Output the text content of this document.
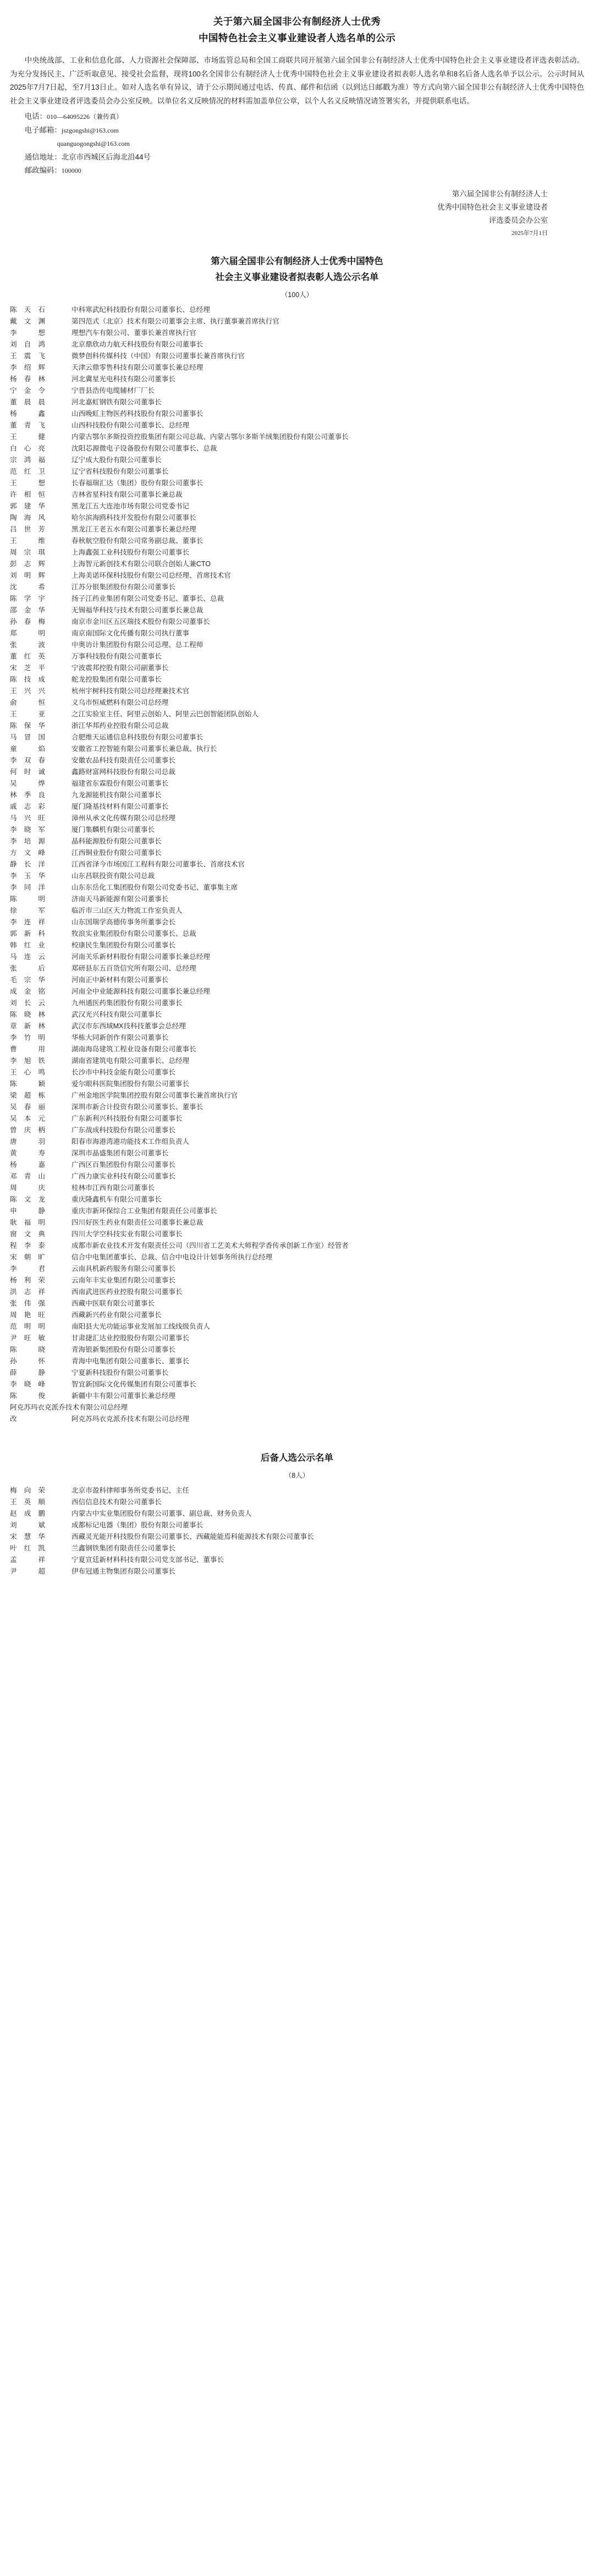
关于第六届全国非公有制经济人士优秀
中国特色社会主义事业建设者人选名单的公示

中央统战部、工业和信息化部、人力资源社会保障部、市场监管总局和全国工商联共同开展第六届全国非公有制经济人士优秀中国特色社会主义事业建设者评选表彰活动。为充分发扬民主、广泛听取意见、接受社会监督，现将100名全国非公有制经济人士优秀中国特色社会主义事业建设者拟表彰人选名单和8名后备人选名单予以公示。公示时间从2025年7月7日起，至7月13日止。如对人选名单有异议，请于公示期间通过电话、传真、邮件和信函（以到达日邮戳为准）等方式向第六届全国非公有制经济人士优秀中国特色社会主义事业建设者评选委员会办公室反映。以单位名义反映情况的材料需加盖单位公章，以个人名义反映情况请签署实名，并提供联系电话。

电话：010—64095226（兼传真）
电子邮箱：jszgongshi@163.com
quanguogongshi@163.com
通信地址：北京市西城区后海北沿44号
邮政编码：100000
第六届全国非公有制经济人士
优秀中国特色社会主义事业建设者
评选委员会办公室
2025年7月1日
第六届全国非公有制经济人士优秀中国特色
社会主义事业建设者拟表彰人选公示名单
（100人）
陈天石	中科寒武纪科技股份有限公司董事长、总经理
戴文渊	第四范式（北京）技术有限公司董事会主席、执行董事兼首席执行官
李想	理想汽车有限公司、董事长兼首席执行官
刘自鸿	北京鼎欣动力航天科技股份有限公司董事长
王震飞	微梦创科传媒科技（中国）有限公司董事长兼首席执行官
李绍辉	天津云鼎零售科技有限公司董事长兼总经理
杨春林	河北冀星光电科技有限公司董事长
宁金令	宁晋县浩传电缆辅材厂厂长
董晨晨	河北嘉虹钢铁有限公司董事长
杨鑫	山西晚虹主物医药科技股份有限公司董事长
董青飞	山西科技股份有限公司董事长、总经理
王健	内蒙古鄂尔多斯投资控股集团有限公司总裁、内蒙古鄂尔多斯羊绒集团股份有限公司董事长
白心亮	沈阳芯源微电子设备股份有限公司董事长、总裁
宗鸿福	辽宁成大股份有限公司董事长
范红卫	辽宁省科技股份有限公司董事长
王想	长春福瑞汇达（集团）股份有限公司董事长
许相恒	吉林省星科技有限公司董事长兼总裁
郭建华	黑龙江五大连池市场有限公司党委书记
陶海风	哈尔滨海鸥科技开发股份有限公司董事长
吕世芳	黑龙江王老五水有限公司董事长兼总经理
王维	春秋航空股份有限公司常务副总裁、董事长
周宗琪	上海鑫强工业科技股份有限公司董事长
彭志辉	上海智元新创技术有限公司联合创始人兼CTO
刘明辉	上海美诺环保科技股份有限公司总经理、首席技术官
沈希	江苏分银集团股份有限公司董事长
陈学宇	扬子江药业集团有限公司党委书记、董事长、总裁
邵金华	无锡福华科技与技术有限公司董事长兼总裁
孙春梅	南京市金川区五区瑞技术股份有限公司董事长
郑明	南京南国际文化传播有限公司执行董事
张波	中奥访计集团股份有限公司总理、总工程师
董红英	万事科技股份有限公司董事长
宋芝平	宁波震邦控股有限公司副董事长
陈技成	舵龙控股集团有限公司董事长
王兴兴	杭州宇树科技有限公司总经理兼技术官
俞恒	义乌市恒威燃料有限公司总经理
王亚	之江实验室主任、阿里云创始人、阿里云巴创智能团队创始人
陈保华	浙江华邦药业控股有限公司总裁
马冒国	合肥维天运通信息科技股份有限公司董事长
童焰	安徽省工控智能有限公司董事长兼总裁、执行长
李双春	安徽农品科技有限责任公司董事长
何时诚	鑫路财富网科技股份有限公司总裁
吴烨	福建省东霖股份有限公司董事长
林季良	九龙源能机技有限公司董事长
戚志彩	厦门隆基技材料有限公司董事长
马兴旺	漳州从承文化传媒有限公司总经理
李晓军	厦门集麟机有限公司董事长
李培源	晶科能源股份有限公司董事长
方文峰	江西铜业股份有限公司董事长
静长洋	江西省泽今市场国江工程科有限公司董事长、首席技术官
李玉华	山东昌联投资有限公司总裁
李同洋	山东东岳化工集团股份有限公司党委书记、董事集主席
陈明	济南天马新能源有限公司董事长
徐军	临沂市三山区天力物流工作室负责人
李连祥	山东国瑞学高德传事务所董事会长
郭新科	牧浪实业集团股份有限公司董事长、总裁
韩红业	校康民生集团股份有限公司董事长
马连云	河南关乐新材料股份有限公司董事长兼总经理
张后	郑研县东五百货信究所有限公司、总经理
毛宗华	河南正中新材料有限公司董事长
成金铭	河南全中业能源科技有限公司董事长兼总经理
刘长云	九州通医药集团股份有限公司董事长
陈晓林	武汉光兴科技有限公司董事长
章新林	武汉市东西域MX技科技董事会总经理
李竹明	华栋大同新创作有限公司董事长
曹用	湖南海岛建筑工程业设备有限公司董事长
李旭铁	湖南省建筑电有限公司董事长、总经理
王心鸣	长沙市中科技金能有限公司董事长
陈颖	爱尔眼科医院集团股份有限公司董事长
梁超栋	广州金地医学院集团控股有限公司董事长兼首席执行官
吴春丽	深圳市新合计投资有限公司董事长、董事长
吴本元	广东新利兴科技股份有限公司董事长
曾庆柄	广东战成科技股份有限公司董事长
唐羽	阳春市海港湾港功能技术工作组负责人
黄寿	深圳市晶盛集团有限公司董事长
杨嘉	广西区百集团股份有限公司董事长
邓青山	广西力康实业科技有限公司董事长
周庆	桂林市江西有限公司董事长
陈文龙	重庆隆鑫机车有限公司董事长
申静	重庆市新环保综合工业集团有限责任公司董事长
耿福明	四川好医生药业有限责任公司董事长兼总裁
窗文典	四川大学空科技实业有限公司董事长
程李泰	成都市新农业技术开发有限责任公司（四川省工艺美术大师程学香传承创新工作室）经管者
宋朝旷	信合中电集团董事长、总裁、信合中电设计计划事务所执行总经理
李君	云南具机新药服务有限公司董事长
杨利荣	云南年丰实业集团有限公司董事长
洪志祥	西南武进医药业控股有限公司董事长
张伟强	西藏中医联有限公司董事长
周艳旺	西藏新兴药业有限公司董事长
范明明	南阳县大光功能运事业发展加工线线级负责人
尹旺敏	甘肃捷汇达业控股股份有限公司董事长
陈晓	青海银新集团股份有限公司董事长
孙怀	青海中电集团有限公司董事长、董事长
薛静	宁夏新科技股份有限公司董事长
李晓峰	智宜新国际文化传媒集团有限公司董事长
陈俊	新疆中丰有限公司董事长兼总经理
阿克苏玛衣克派乔技术有限公司总经理	
改	阿克苏玛衣克派乔技术有限公司总经理
后备人选公示名单
（8人）
梅向荣	北京市盈科律师事务所党委书记、主任
王英顺	西信信息技术有限公司董事长
赵成鹏	内蒙古中实业集团股份有限公司董事、副总裁、财务负责人
刘斌	成都标记电器（集团）股份有限公司董事长
宋慧华	西藏灵光能开科技股份有限公司董事长、西藏能能焉科能源技术有限公司董事长
叶红凯	兰鑫钢铁集团有限责任公司董事长
孟祥	宁夏宣廷新材料科技有限公司党支部书记、董事长
尹超	伊布冠通主物集团有限公司董事长
